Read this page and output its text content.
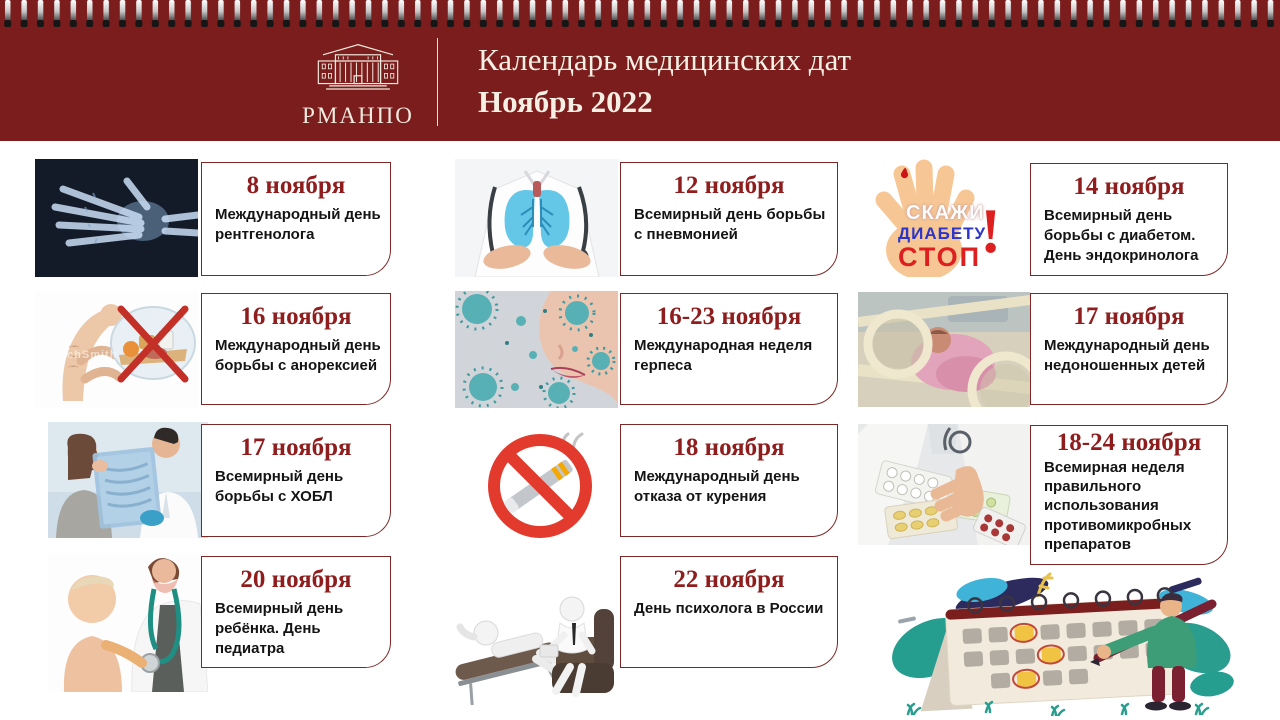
РМАНПО
Календарь медицинских дат
Ноябрь 2022
8 ноября
Международный день рентгенолога
12 ноября
Всемирный день борьбы с пневмонией
СКАЖИ
ДИАБЕТУ
СТОП
!
14 ноября
Всемирный день борьбы с диабетом. День эндокринолога
TechSmith
16 ноября
Международный день борьбы с анорексией
16-23 ноября
Международная неделя герпеса
17 ноября
Международный день недоношенных детей
17 ноября
Всемирный день борьбы с ХОБЛ
18 ноября
Международный день отказа от курения
18-24 ноября
Всемирная неделя правильного использования противомикробных препаратов
20 ноября
Всемирный день ребёнка. День педиатра
22 ноября
День психолога в России
